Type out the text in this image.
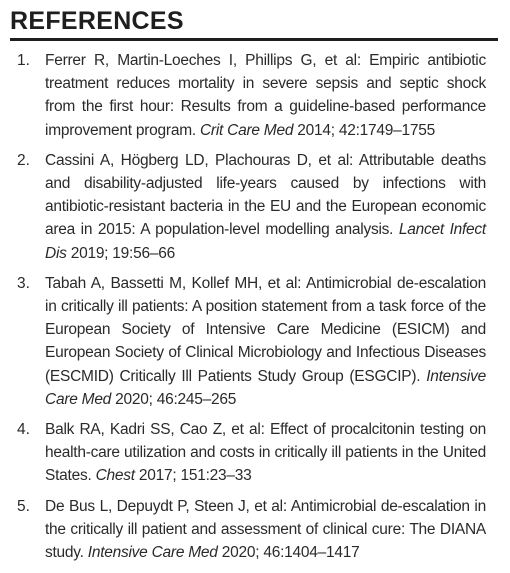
REFERENCES
1. Ferrer R, Martin-Loeches I, Phillips G, et al: Empiric antibiotic treatment reduces mortality in severe sepsis and septic shock from the first hour: Results from a guideline-based performance improvement program. Crit Care Med 2014; 42:1749–1755
2. Cassini A, Högberg LD, Plachouras D, et al: Attributable deaths and disability-adjusted life-years caused by infections with antibiotic-resistant bacteria in the EU and the European economic area in 2015: A population-level modelling analysis. Lancet Infect Dis 2019; 19:56–66
3. Tabah A, Bassetti M, Kollef MH, et al: Antimicrobial de-escalation in critically ill patients: A position statement from a task force of the European Society of Intensive Care Medicine (ESICM) and European Society of Clinical Microbiology and Infectious Diseases (ESCMID) Critically Ill Patients Study Group (ESGCIP). Intensive Care Med 2020; 46:245–265
4. Balk RA, Kadri SS, Cao Z, et al: Effect of procalcitonin testing on health-care utilization and costs in critically ill patients in the United States. Chest 2017; 151:23–33
5. De Bus L, Depuydt P, Steen J, et al: Antimicrobial de-escalation in the critically ill patient and assessment of clinical cure: The DIANA study. Intensive Care Med 2020; 46:1404–1417
